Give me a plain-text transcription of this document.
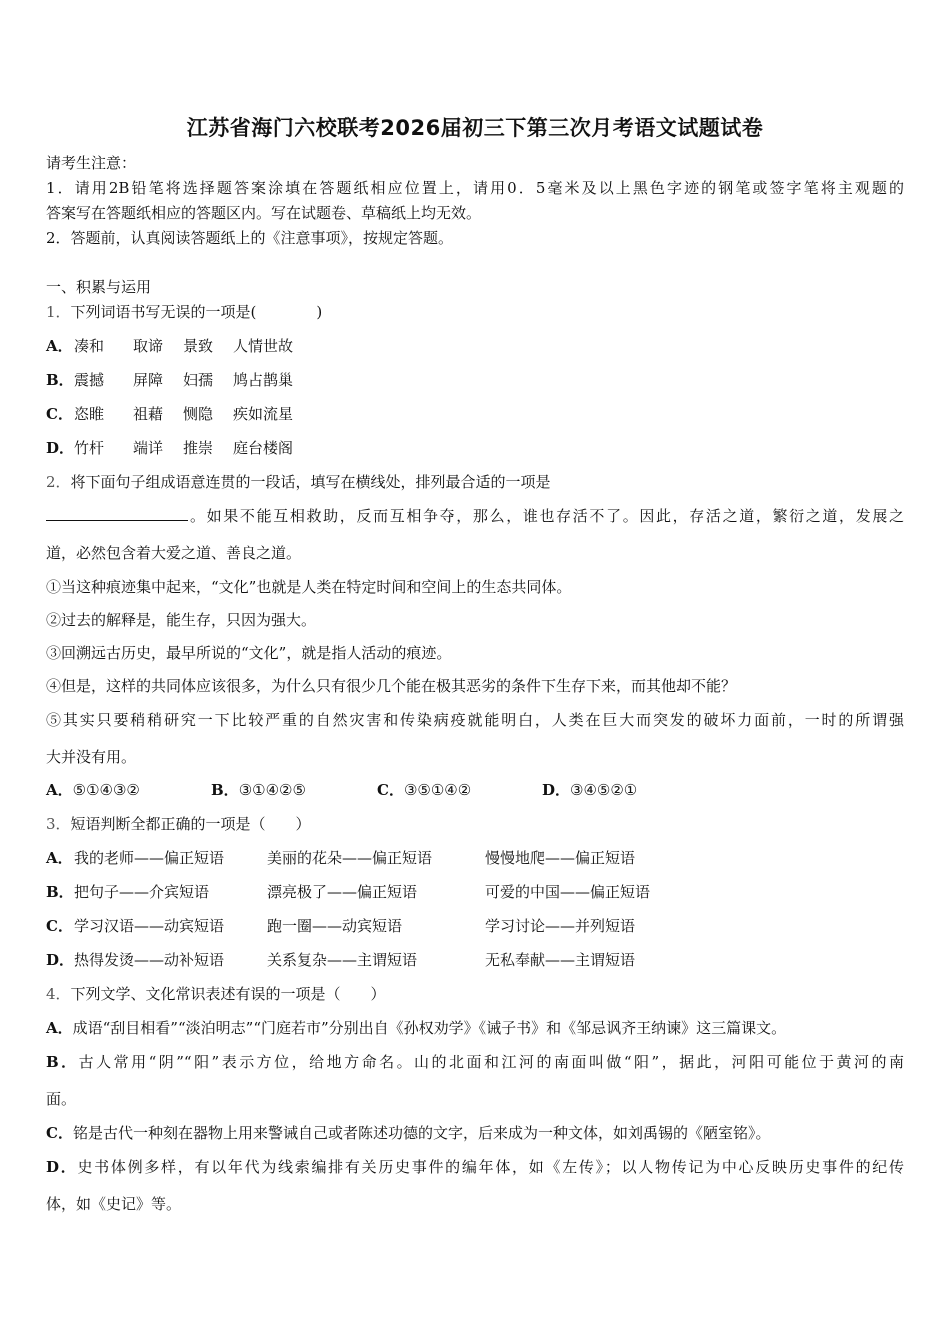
江苏省海门六校联考2026届初三下第三次月考语文试题试卷
请考生注意：
1．请用2B铅笔将选择题答案涂填在答题纸相应位置上，请用0．5毫米及以上黑色字迹的钢笔或签字笔将主观题的
答案写在答题纸相应的答题区内。写在试题卷、草稿纸上均无效。
2．答题前，认真阅读答题纸上的《注意事项》，按规定答题。
一、积累与运用
1．下列词语书写无误的一项是(　　　　)
A．凑和 取谛 景致 人情世故
B．震撼 屏障 妇孺 鸠占鹊巢
C．恣睢 祖藉 恻隐 疾如流星
D．竹杆 端详 推崇 庭台楼阁
2．将下面句子组成语意连贯的一段话，填写在横线处，排列最合适的一项是
。如果不能互相救助，反而互相争夺，那么，谁也存活不了。因此，存活之道，繁衍之道，发展之
道，必然包含着大爱之道、善良之道。
①当这种痕迹集中起来，“文化”也就是人类在特定时间和空间上的生态共同体。
②过去的解释是，能生存，只因为强大。
③回溯远古历史，最早所说的“文化”，就是指人活动的痕迹。
④但是，这样的共同体应该很多，为什么只有很少几个能在极其恶劣的条件下生存下来，而其他却不能？
⑤其实只要稍稍研究一下比较严重的自然灾害和传染病疫就能明白，人类在巨大而突发的破坏力面前，一时的所谓强
大并没有用。
A．⑤①④③②	B．③①④②⑤	C．③⑤①④②	D．③④⑤②①
3．短语判断全都正确的一项是（　　）
A．我的老师——偏正短语	美丽的花朵——偏正短语	慢慢地爬——偏正短语
B．把句子——介宾短语	漂亮极了——偏正短语	可爱的中国——偏正短语
C．学习汉语——动宾短语	跑一圈——动宾短语	学习讨论——并列短语
D．热得发烫——动补短语	关系复杂——主谓短语	无私奉献——主谓短语
4．下列文学、文化常识表述有误的一项是（　　）
A．成语“刮目相看”“淡泊明志”“门庭若市”分别出自《孙权劝学》《诫子书》和《邹忌讽齐王纳谏》这三篇课文。
B．古人常用“阴”“阳”表示方位，给地方命名。山的北面和江河的南面叫做“阳”，据此，河阳可能位于黄河的南
面。
C．铭是古代一种刻在器物上用来警诫自己或者陈述功德的文字，后来成为一种文体，如刘禹锡的《陋室铭》。
D．史书体例多样，有以年代为线索编排有关历史事件的编年体，如《左传》；以人物传记为中心反映历史事件的纪传
体，如《史记》等。
